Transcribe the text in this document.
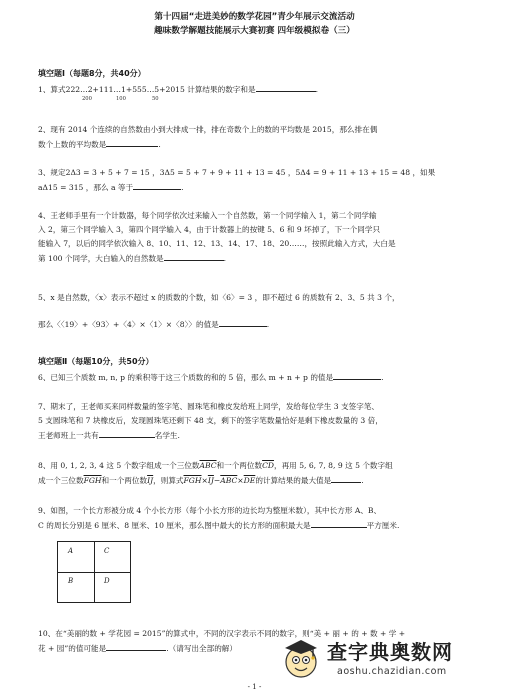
第十四届“走进美妙的数学花园”青少年展示交流活动
趣味数学解题技能展示大赛初赛 四年级模拟卷（三）
填空题Ⅰ（每题8分，共40分）
1、算式222…2+111…1+555…5+2015 计算结果的数字和是	.
200	100	50
2、现有 2014 个连续的自然数由小到大排成一排，排在奇数个上的数的平均数是 2015，那么排在偶
数个上数的平均数是	.
3、规定2Δ3 = 3 + 5 + 7 = 15 ，3Δ5 = 5 + 7 + 9 + 11 + 13 = 45 ，5Δ4 = 9 + 11 + 13 + 15 = 48 ，如果
aΔ15 = 315 ，那么 a 等于	.
4、王老师手里有一个计数器，每个同学依次过来输入一个自然数，第一个同学输入 1，第二个同学输
入 2，第三个同学输入 3，第四个同学输入 4，由于计数器上的按键 5、6 和 9 坏掉了，下一个同学只
能输入 7，以后的同学依次输入 8、10、11、12、13、14、17、18、20……，按照此输入方式，大白是
第 100 个同学，大白输入的自然数是	.
5、x 是自然数，〈x〉表示不超过 x 的质数的个数，如〈6〉= 3 ，即不超过 6 的质数有 2、3、5 共 3 个，
那么〈〈19〉+〈93〉+〈4〉×〈1〉×〈8〉〉的值是	.
填空题Ⅱ（每题10分，共50分）
6、已知三个质数 m, n, p 的乘积等于这三个质数的和的 5 倍，那么 m + n + p 的值是	.
7、期末了，王老师买来同样数量的签字笔、圆珠笔和橡皮发给班上同学，发给每位学生 3 支签字笔、
5 支圆珠笔和 7 块橡皮后，发现圆珠笔还剩下 48 支，剩下的签字笔数量恰好是剩下橡皮数量的 3 倍，
王老师班上一共有	名学生.
8、用 0, 1, 2, 3, 4 这 5 个数字组成一个三位数$\overline{ABC}$和一个两位数$\overline{CD}$，再用 5, 6, 7, 8, 9 这 5 个数字组
成一个三位数$\overline{FGH}$和一个两位数$\overline{IJ}$，则算式$\overline{FGH}\times\overline{IJ}-\overline{ABC}\times\overline{DE}$的计算结果的最大值是	.
9、如图，一个长方形被分成 4 个小长方形（每个小长方形的边长均为整厘米数），其中长方形 A、B、
C 的周长分别是 6 厘米、8 厘米、10 厘米，那么图中最大的长方形的面积最大是	平方厘米.
A	C
B	D
10、在“美丽的数 + 学花园 = 2015”的算式中，不同的汉字表示不同的数字，则“美 + 丽 + 的 + 数 + 学 +
花 + 园”的值可能是	.（请写出全部的解）	查字典奥数网
aoshu.chazidian.com
- 1 -
